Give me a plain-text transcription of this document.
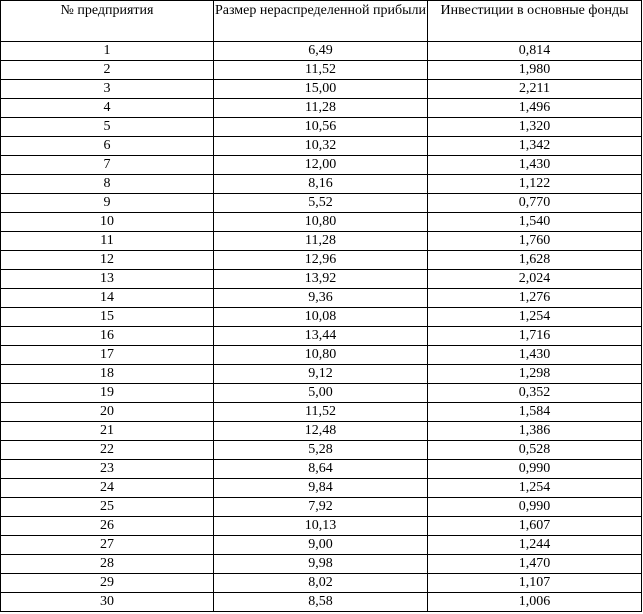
№ предприятия	Размер нераспределенной прибыли	Инвестиции в основные фонды
1	6,49	0,814
2	11,52	1,980
3	15,00	2,211
4	11,28	1,496
5	10,56	1,320
6	10,32	1,342
7	12,00	1,430
8	8,16	1,122
9	5,52	0,770
10	10,80	1,540
11	11,28	1,760
12	12,96	1,628
13	13,92	2,024
14	9,36	1,276
15	10,08	1,254
16	13,44	1,716
17	10,80	1,430
18	9,12	1,298
19	5,00	0,352
20	11,52	1,584
21	12,48	1,386
22	5,28	0,528
23	8,64	0,990
24	9,84	1,254
25	7,92	0,990
26	10,13	1,607
27	9,00	1,244
28	9,98	1,470
29	8,02	1,107
30	8,58	1,006
